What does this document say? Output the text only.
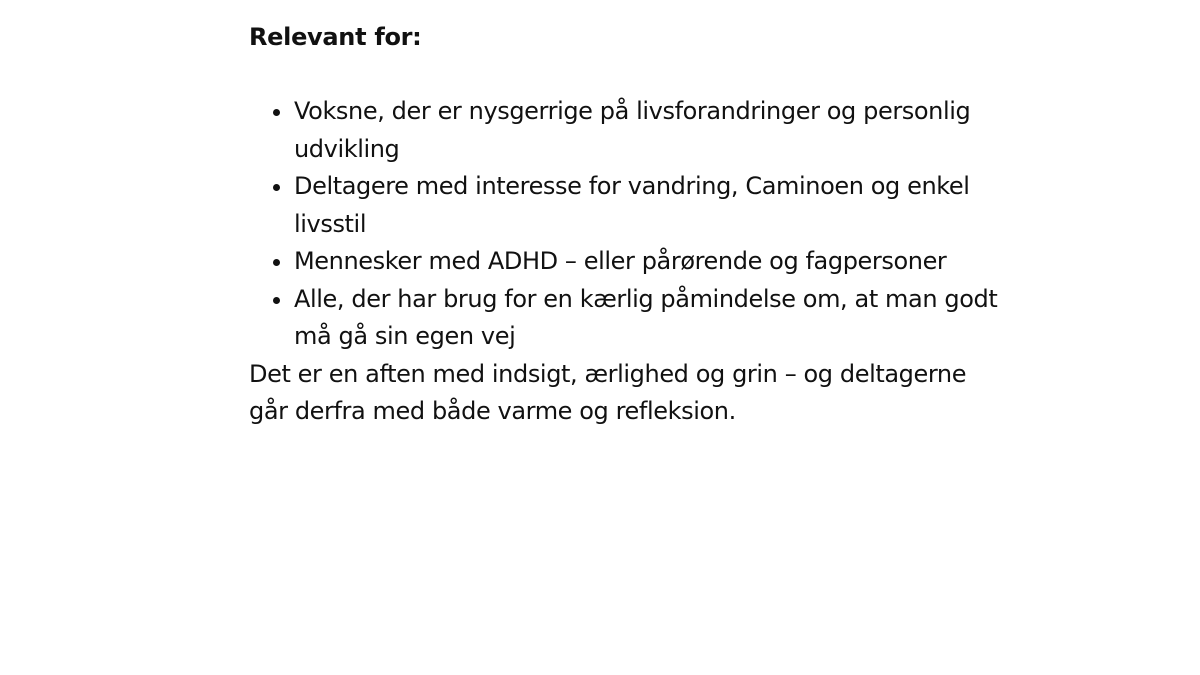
Relevant for:
Voksne, der er nysgerrige på livsforandringer og personlig udvikling
Deltagere med interesse for vandring, Caminoen og enkel livsstil
Mennesker med ADHD – eller pårørende og fagpersoner
Alle, der har brug for en kærlig påmindelse om, at man godt må gå sin egen vej

Det er en aften med indsigt, ærlighed og grin – og deltagerne går derfra med både varme og refleksion.
